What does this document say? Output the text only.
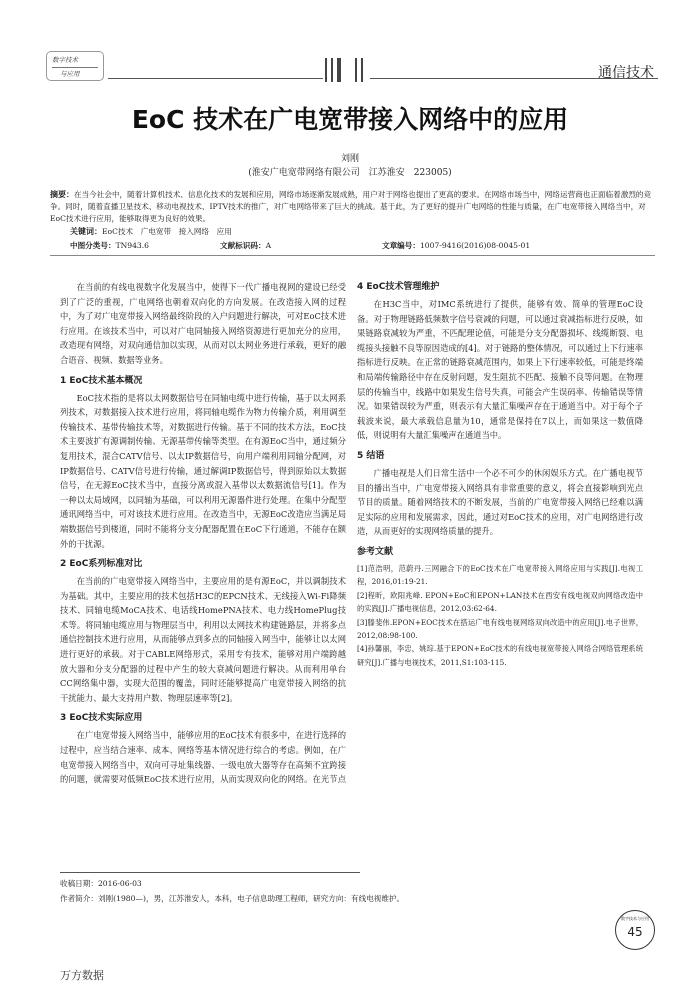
数字技术
与应用	通信技术
EoC 技术在广电宽带接入网络中的应用
刘刚
(淮安广电宽带网络有限公司　江苏淮安　223005)
摘要：在当今社会中，随着计算机技术、信息化技术的发展和应用，网络市场逐渐发展成熟，用户对于网络也提出了更高的要求。在网络市场当中，网络运营商也正面临着激烈的竞争。同时，随着直播卫星技术、移动电视技术、IPTV技术的推广，对广电网络带来了巨大的挑战。基于此，为了更好的提升广电网络的性能与质量，在广电宽带接入网络当中，对EoC技术进行应用，能够取得更为良好的效果。
关键词：EoC技术　广电宽带　接入网络　应用
中图分类号：TN943.6	文献标识码：A	文章编号：1007-9416(2016)08-0045-01

在当前的有线电视数字化发展当中，使得下一代广播电视网的建设已经受到了广泛的重视，广电网络也朝着双向化的方向发展。在改造接入网的过程中，为了对广电宽带接入网络最终阶段的入户问题进行解决，可对EoC技术进行应用。在该技术当中，可以对广电同轴接入网络资源进行更加充分的应用，改造现有网络，对双向通信加以实现，从而对以太网业务进行承载，更好的融合语音、视频、数据等业务。

1 EoC技术基本概况

EoC技术指的是将以太网数据信号在同轴电缆中进行传输，基于以太网系列技术，对数据接入技术进行应用，将同轴电缆作为物力传输介质，利用调至传输技术、基带传输技术等，对数据进行传输。基于不同的技术方法，EoC技术主要波扩有源调制传输、无源基带传输等类型。在有源EoC当中，通过频分复用技术，混合CATV信号、以太IP数据信号，向用户端利用同轴分配网，对IP数据信号、CATV信号进行传输，通过解调IP数据信号，得到原始以太数据信号，在无源EoC技术当中，直接分离或混入基带以太数据流信号[1]。作为一种以太局域网，以同轴为基础，可以利用无源器件进行处理。在集中分配型通讯网络当中，可对该技术进行应用。在改造当中，无源EoC改造应当满足局端数据信号到楼道，同时不能将分支分配器配置在EoC下行通道，不能存在额外的干扰源。

2 EoC系列标准对比

在当前的广电宽带接入网络当中，主要应用的是有源EoC，并以调制技术为基础。其中，主要应用的技术包括H3C的EPCN技术、无线接入Wi-Fi降频技术、同轴电缆MoCA技术、电话线HomePNA技术、电力线HomePlug技术等。将同轴电缆应用与物理层当中，利用以太网技术构建链路层，并将多点通信控制技术进行应用，从而能够点到多点的同轴接入网当中，能够让以太网进行更好的承载。对于CABLE网络形式，采用专有技术，能够对用户端跨越放大器和分支分配器的过程中产生的较大衰减问题进行解决。从而利用单台CC网络集中器，实现大范围的覆盖，同时还能够提高广电宽带接入网络的抗干扰能力、最大支持用户数、物理层速率等[2]。

3 EoC技术实际应用

在广电宽带接入网络当中，能够应用的EoC技术有很多中，在进行选择的过程中，应当结合速率、成本、网络等基本情况进行综合的考虑。例如，在广电宽带接入网络当中，双向可寻址集线器、一级电放大器等存在高频不宜跨接的问题，就需要对低频EoC技术进行应用，从而实现双向化的网络。在光节点

4 EoC技术管理维护

在H3C当中，对IMC系统进行了提供，能够有效、简单的管理EoC设备。对于物理链路低频数字信号衰减的问题，可以通过衰减指标进行反映，如果链路衰减较为严重，不匹配理论值，可能是分支分配器损坏、线缆断裂、电缆接头接触不良等原因造成的[4]。对于链路的整体情况，可以通过上下行速率指标进行反映。在正常的链路衰减范围内，如果上下行速率较低，可能是终端和局端传输路径中存在反射问题，发生阻抗不匹配、接触不良等问题。在物理层的传输当中，线路中如果发生信号失真，可能会产生误码率、传输错误等情况。如果错误较为严重，则表示有大量汇集噪声存在于通道当中。对于每个子载波来说，最大承载信息量为10，通常是保持在7以上，而如果这一数值降低，则说明有大量汇集噪声在通道当中。

5 结语

广播电视是人们日常生活中一个必不可少的休闲娱乐方式。在广播电视节目的播出当中，广电宽带接入网络具有非常重要的意义，将会直接影响到光点节目的质量。随着网络技术的不断发展，当前的广电宽带接入网络已经难以满足实际的应用和发展需求，因此，通过对EoC技术的应用，对广电网络进行改造，从而更好的实现网络质量的提升。

参考文献
[1]范浩明，范蔚丹.三网融合下的EoC技术在广电宽带接入网络应用与实践[J].电视工程，2016,01:19-21.
[2]程昕，欧阳兆峰. EPON+EoC和EPON+LAN技术在西安有线电视双向网络改造中的实践[J].广播电视信息，2012,03:62-64.
[3]滕斐伟.EPON+EOC技术在搭运广电有线电视网络双向改造中的应用[J].电子世界，2012,08:98-100.
[4]孙馨丽，李忠，姚琮.基于EPON+EoC技术的有线电视宽带接入网络合网络管理系统研究[J].广播与电视技术，2011,S1:103-115.
收稿日期：2016-06-03
作者简介：刘刚(1980—)，男，江苏淮安人，本科，电子信息助理工程师，研究方向：有线电视维护。
数字技术与应用
45
万方数据
